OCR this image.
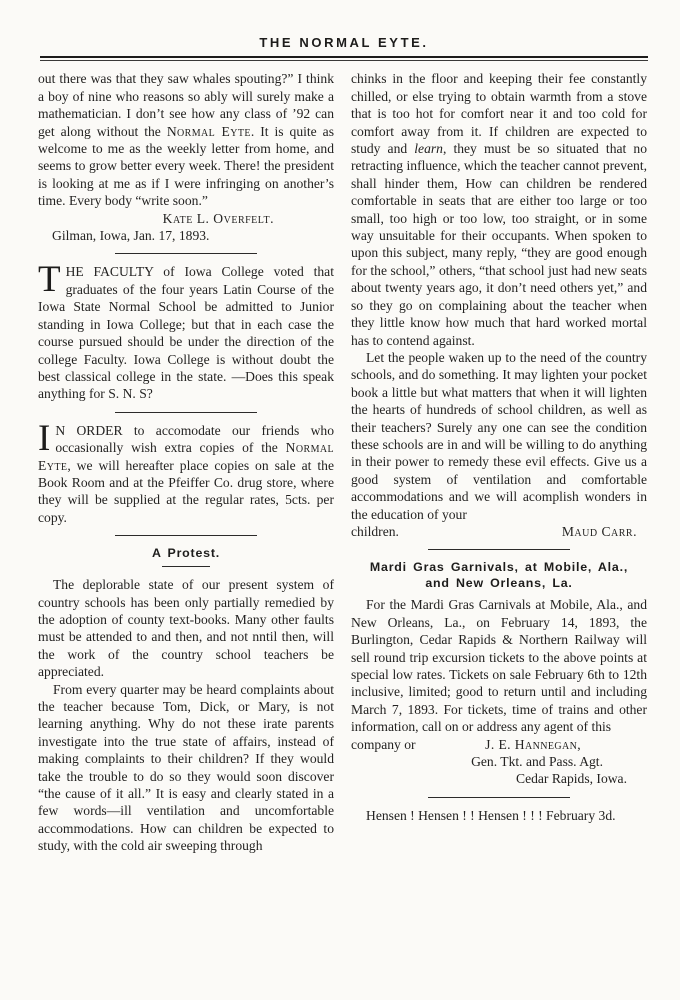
THE NORMAL EYTE.

out there was that they saw whales spouting?” I think a boy of nine who reasons so ably will surely make a mathematician. I don’t see how any class of ’92 can get along without the Normal Eyte. It is quite as welcome to me as the weekly letter from home, and seems to grow better every week. There! the president is looking at me as if I were infringing on another’s time. Every body “write soon.”

Kate L. Overfelt.
Gilman, Iowa, Jan. 17, 1893.

THE FACULTY of Iowa College voted that graduates of the four years Latin Course of the Iowa State Normal School be admitted to Junior standing in Iowa College; but that in each case the course pursued should be under the direction of the college Faculty. Iowa College is without doubt the best classical college in the state. —Does this speak anything for S. N. S?

I N ORDER to accomodate our friends who occasionally wish extra copies of the Normal Eyte, we will hereafter place copies on sale at the Book Room and at the Pfeiffer Co. drug store, where they will be supplied at the regular rates, 5cts. per copy.

A Protest.

The deplorable state of our present system of country schools has been only partially remedied by the adoption of county text-books. Many other faults must be attended to and then, and not nntil then, will the work of the country school teachers be appreciated.

From every quarter may be heard complaints about the teacher because Tom, Dick, or Mary, is not learning anything. Why do not these irate parents investigate into the true state of affairs, instead of making complaints to their children? If they would take the trouble to do so they would soon discover “the cause of it all.” It is easy and clearly stated in a few words—ill ventilation and uncomfortable accommodations. How can children be expected to study, with the cold air sweeping through

chinks in the floor and keeping their fee constantly chilled, or else trying to obtain warmth from a stove that is too hot for comfort near it and too cold for comfort away from it. If children are expected to study and learn, they must be so situated that no retracting influence, which the teacher cannot prevent, shall hinder them, How can children be rendered comfortable in seats that are either too large or too small, too high or too low, too straight, or in some way unsuitable for their occupants. When spoken to upon this subject, many reply, “they are good enough for the school,” others, “that school just had new seats about twenty years ago, it don’t need others yet,” and so they go on complaining about the teacher when they little know how much that hard worked mortal has to contend against.

Let the people waken up to the need of the country schools, and do something. It may lighten your pocket book a little but what matters that when it will lighten the hearts of hundreds of school children, as well as their teachers? Surely any one can see the condition these schools are in and will be willing to do anything in their power to remedy these evil effects. Give us a good system of ventilation and comfortable accommodations and we will acomplish wonders in the education of your

children.	Maud Carr.
Mardi Gras Garnivals, at Mobile, Ala.,
and New Orleans, La.

For the Mardi Gras Carnivals at Mobile, Ala., and New Orleans, La., on February 14, 1893, the Burlington, Cedar Rapids & Northern Railway will sell round trip excursion tickets to the above points at special low rates. Tickets on sale February 6th to 12th inclusive, limited; good to return until and including March 7, 1893. For tickets, time of trains and other information, call on or address any agent of this

company or	J. E. Hannegan,
Gen. Tkt. and Pass. Agt.
Cedar Rapids, Iowa.

Hensen ! Hensen ! ! Hensen ! ! ! February 3d.
